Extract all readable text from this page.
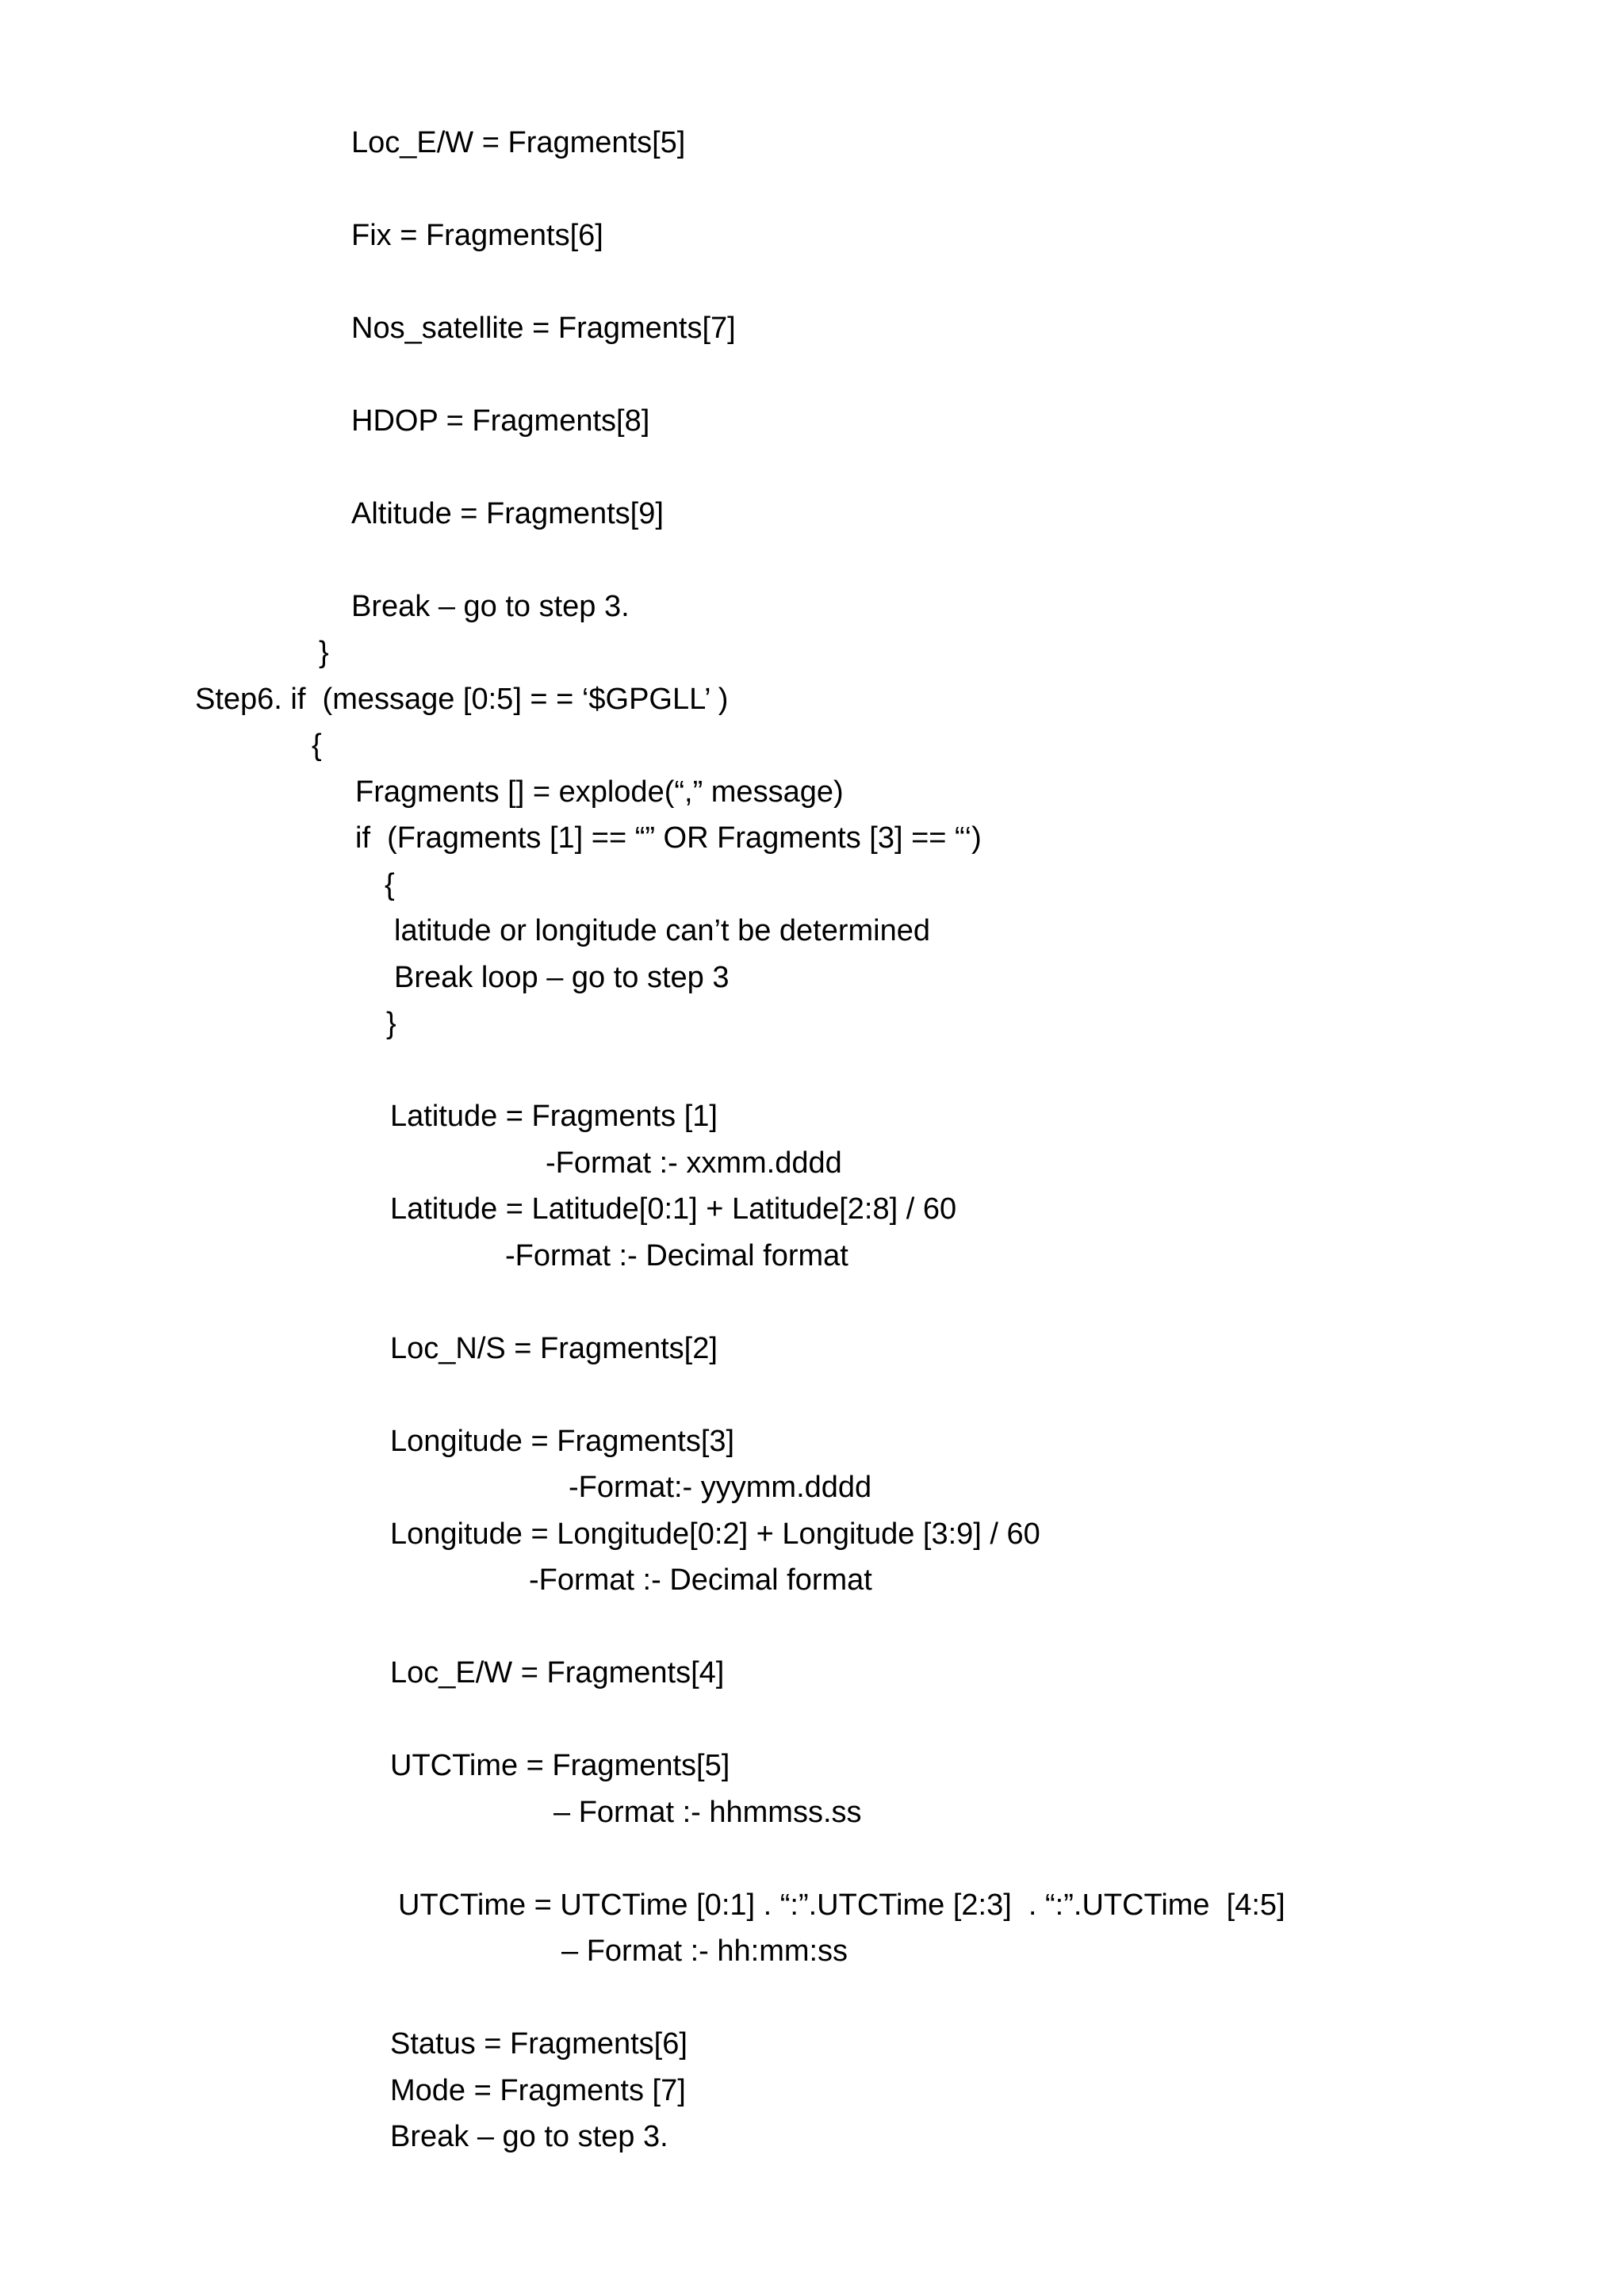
Loc_E/W = Fragments[5]
Fix = Fragments[6]
Nos_satellite = Fragments[7]
HDOP = Fragments[8]
Altitude = Fragments[9]
Break – go to step 3.
}
Step6. if  (message [0:5] = = ‘$GPGLL’ )
{
Fragments [] = explode(“,” message)
if  (Fragments [1] == “” OR Fragments [3] == “‘)
{
latitude or longitude can’t be determined
Break loop – go to step 3
}
Latitude = Fragments [1]
-Format :- xxmm.dddd
Latitude = Latitude[0:1] + Latitude[2:8] / 60
-Format :- Decimal format
Loc_N/S = Fragments[2]
Longitude = Fragments[3]
-Format:- yyymm.dddd
Longitude = Longitude[0:2] + Longitude [3:9] / 60
-Format :- Decimal format
Loc_E/W = Fragments[4]
UTCTime = Fragments[5]
– Format :- hhmmss.ss
UTCTime = UTCTime [0:1] . “:”.UTCTime [2:3]  . “:”.UTCTime  [4:5]
– Format :- hh:mm:ss
Status = Fragments[6]
Mode = Fragments [7]
Break – go to step 3.
